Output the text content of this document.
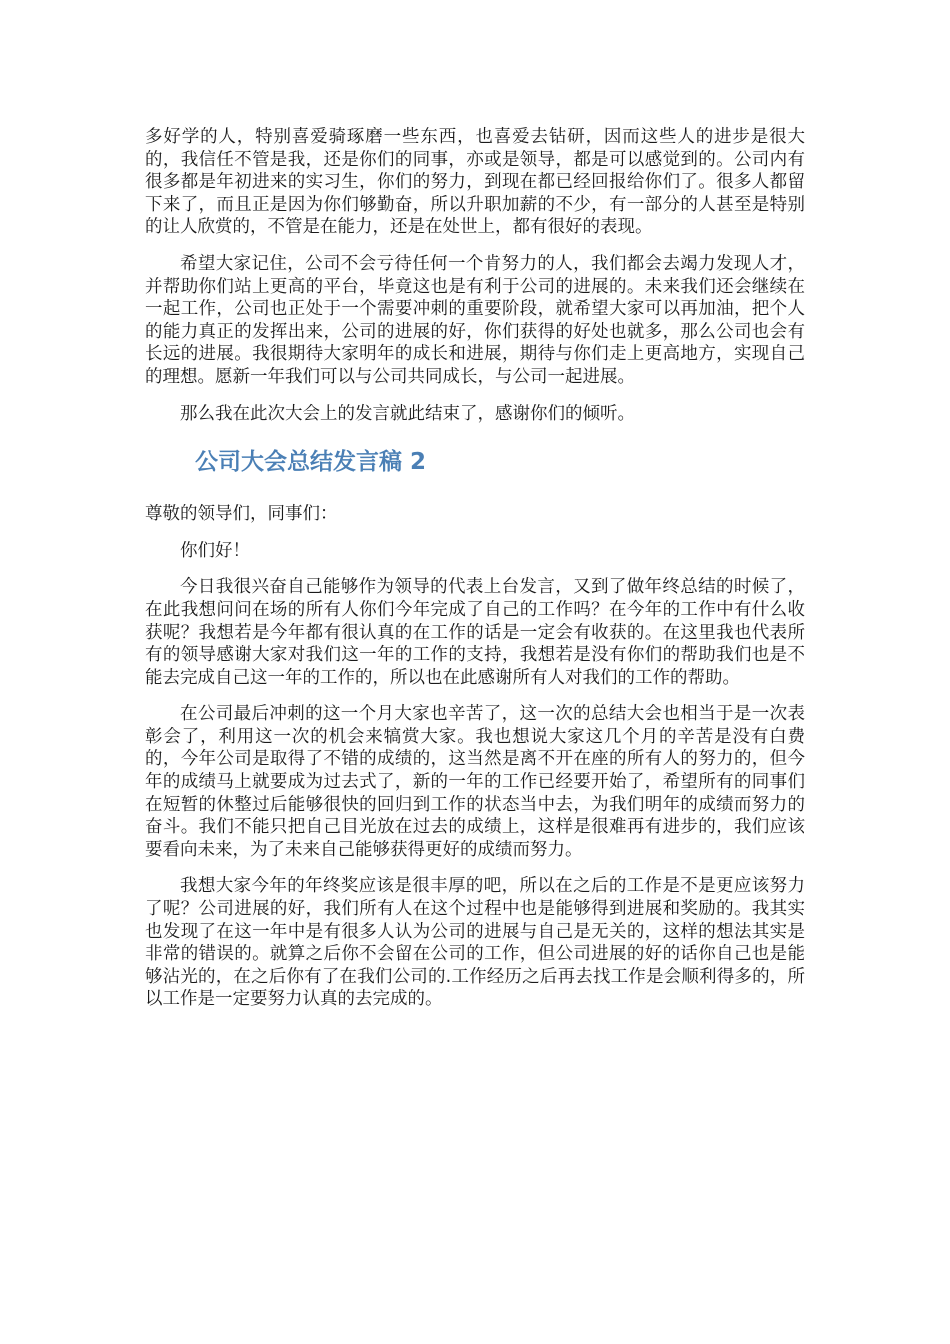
多好学的人，特别喜爱骑琢磨一些东西，也喜爱去钻研，因而这些人的进步是很大的，我信任不管是我，还是你们的同事，亦或是领导，都是可以感觉到的。公司内有很多都是年初进来的实习生，你们的努力，到现在都已经回报给你们了。很多人都留下来了，而且正是因为你们够勤奋，所以升职加薪的不少，有一部分的人甚至是特别的让人欣赏的，不管是在能力，还是在处世上，都有很好的表现。

希望大家记住，公司不会亏待任何一个肯努力的人，我们都会去竭力发现人才，并帮助你们站上更高的平台，毕竟这也是有利于公司的进展的。未来我们还会继续在一起工作，公司也正处于一个需要冲刺的重要阶段，就希望大家可以再加油，把个人的能力真正的发挥出来，公司的进展的好，你们获得的好处也就多，那么公司也会有长远的进展。我很期待大家明年的成长和进展，期待与你们走上更高地方，实现自己的理想。愿新一年我们可以与公司共同成长，与公司一起进展。

那么我在此次大会上的发言就此结束了，感谢你们的倾听。

公司大会总结发言稿 2

尊敬的领导们，同事们：

你们好！

今日我很兴奋自己能够作为领导的代表上台发言，又到了做年终总结的时候了，在此我想问问在场的所有人你们今年完成了自己的工作吗？在今年的工作中有什么收获呢？我想若是今年都有很认真的在工作的话是一定会有收获的。在这里我也代表所有的领导感谢大家对我们这一年的工作的支持，我想若是没有你们的帮助我们也是不能去完成自己这一年的工作的，所以也在此感谢所有人对我们的工作的帮助。

在公司最后冲刺的这一个月大家也辛苦了，这一次的总结大会也相当于是一次表彰会了，利用这一次的机会来犒赏大家。我也想说大家这几个月的辛苦是没有白费的，今年公司是取得了不错的成绩的，这当然是离不开在座的所有人的努力的，但今年的成绩马上就要成为过去式了，新的一年的工作已经要开始了，希望所有的同事们在短暂的休整过后能够很快的回归到工作的状态当中去，为我们明年的成绩而努力的奋斗。我们不能只把自己目光放在过去的成绩上，这样是很难再有进步的，我们应该要看向未来，为了未来自己能够获得更好的成绩而努力。

我想大家今年的年终奖应该是很丰厚的吧，所以在之后的工作是不是更应该努力了呢？公司进展的好，我们所有人在这个过程中也是能够得到进展和奖励的。我其实也发现了在这一年中是有很多人认为公司的进展与自己是无关的，这样的想法其实是非常的错误的。就算之后你不会留在公司的工作，但公司进展的好的话你自己也是能够沾光的，在之后你有了在我们公司的.工作经历之后再去找工作是会顺利得多的，所以工作是一定要努力认真的去完成的。
